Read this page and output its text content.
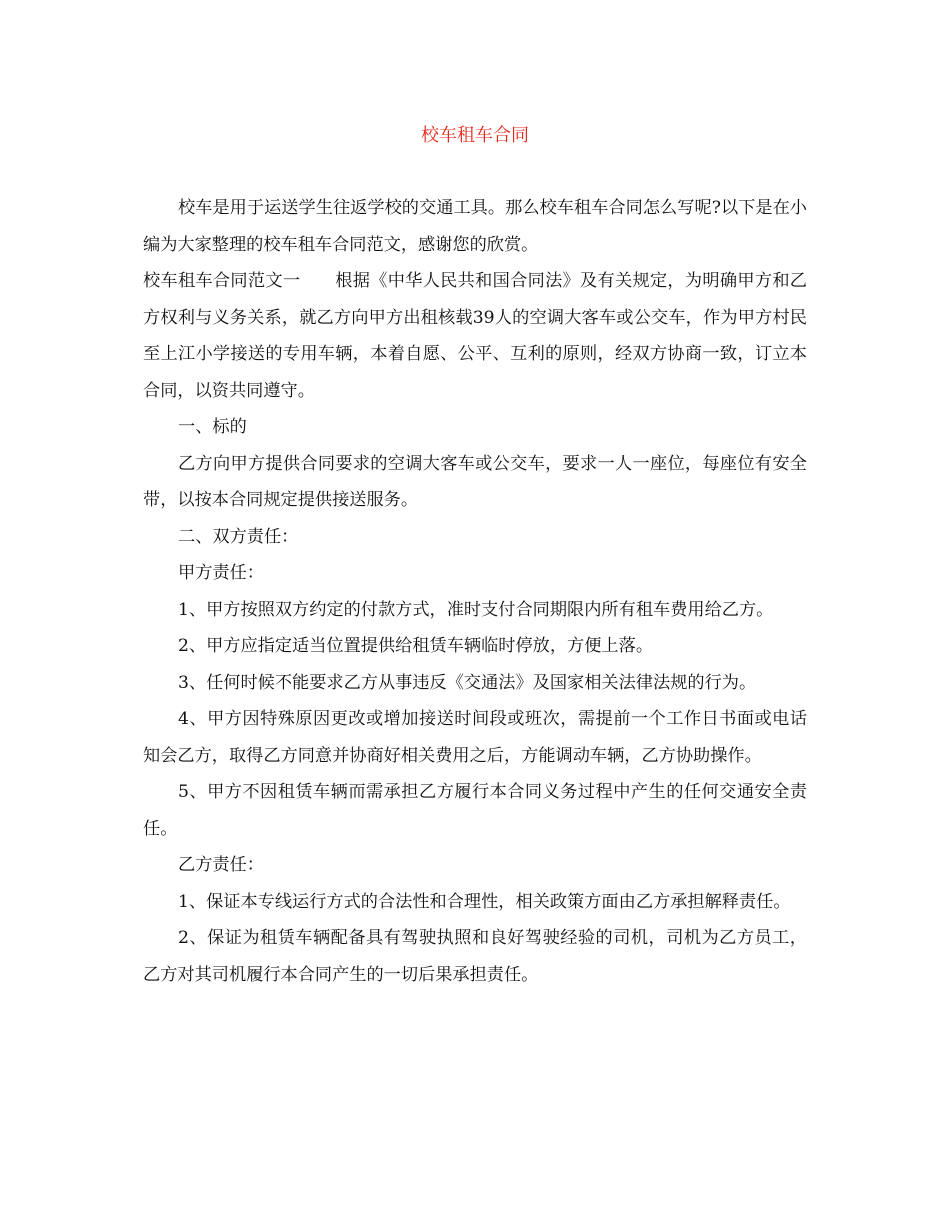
校车租车合同

校车是用于运送学生往返学校的交通工具。那么校车租车合同怎么写呢?以下是在小编为大家整理的校车租车合同范文，感谢您的欣赏。

校车租车合同范文一　　根据《中华人民共和国合同法》及有关规定，为明确甲方和乙方权利与义务关系，就乙方向甲方出租核载39人的空调大客车或公交车，作为甲方村民至上江小学接送的专用车辆，本着自愿、公平、互利的原则，经双方协商一致，订立本合同，以资共同遵守。

一、标的

乙方向甲方提供合同要求的空调大客车或公交车，要求一人一座位，每座位有安全带，以按本合同规定提供接送服务。

二、双方责任：

甲方责任：

1、甲方按照双方约定的付款方式，准时支付合同期限内所有租车费用给乙方。

2、甲方应指定适当位置提供给租赁车辆临时停放，方便上落。

3、任何时候不能要求乙方从事违反《交通法》及国家相关法律法规的行为。

4、甲方因特殊原因更改或增加接送时间段或班次，需提前一个工作日书面或电话知会乙方，取得乙方同意并协商好相关费用之后，方能调动车辆，乙方协助操作。

5、甲方不因租赁车辆而需承担乙方履行本合同义务过程中产生的任何交通安全责任。

乙方责任：

1、保证本专线运行方式的合法性和合理性，相关政策方面由乙方承担解释责任。

2、保证为租赁车辆配备具有驾驶执照和良好驾驶经验的司机，司机为乙方员工，乙方对其司机履行本合同产生的一切后果承担责任。
